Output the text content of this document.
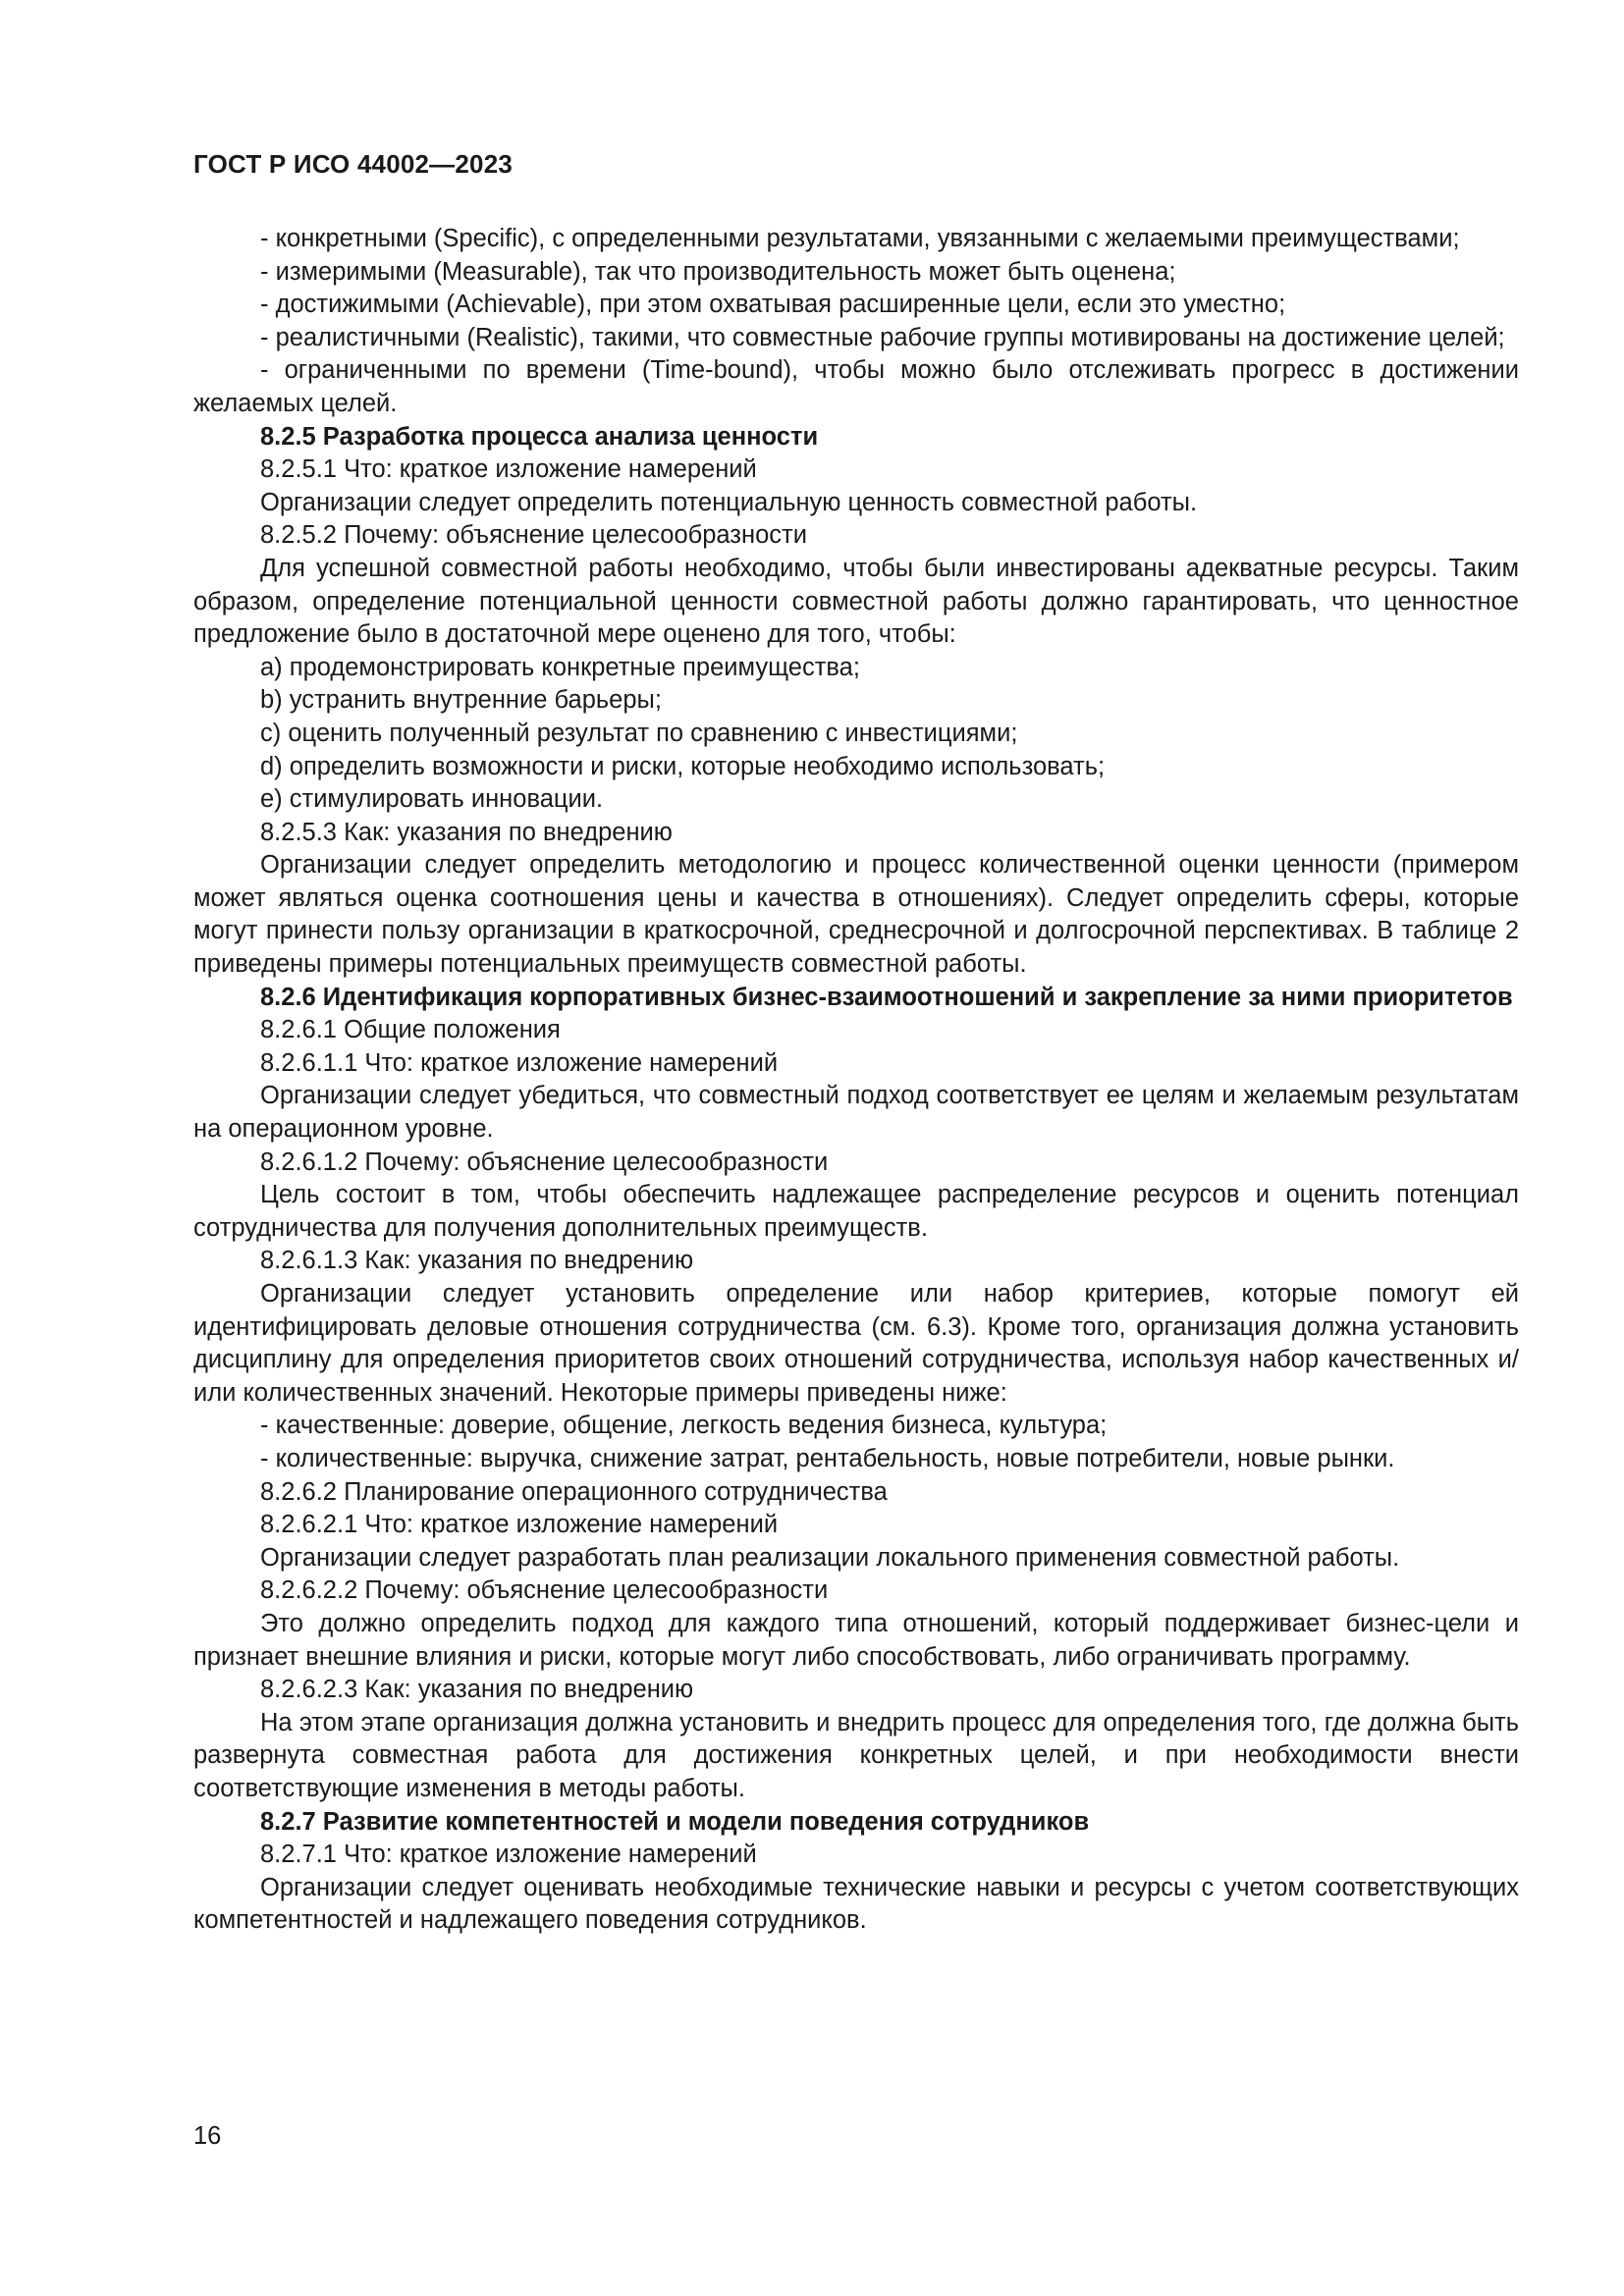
ГОСТ Р ИСО 44002—2023

- конкретными (Specific), с определенными результатами, увязанными с желаемыми преимуществами;

- измеримыми (Measurable), так что производительность может быть оценена;

- достижимыми (Achievable), при этом охватывая расширенные цели, если это уместно;

- реалистичными (Realistic), такими, что совместные рабочие группы мотивированы на достижение целей;

- ограниченными по времени (Time-bound), чтобы можно было отслеживать прогресс в достижении желаемых целей.

8.2.5 Разработка процесса анализа ценности

8.2.5.1 Что: краткое изложение намерений

Организации следует определить потенциальную ценность совместной работы.

8.2.5.2 Почему: объяснение целесообразности

Для успешной совместной работы необходимо, чтобы были инвестированы адекватные ресурсы. Таким образом, определение потенциальной ценности совместной работы должно гарантировать, что ценностное предложение было в достаточной мере оценено для того, чтобы:

a) продемонстрировать конкретные преимущества;

b) устранить внутренние барьеры;

c) оценить полученный результат по сравнению с инвестициями;

d) определить возможности и риски, которые необходимо использовать;

e) стимулировать инновации.

8.2.5.3 Как: указания по внедрению

Организации следует определить методологию и процесс количественной оценки ценности (примером может являться оценка соотношения цены и качества в отношениях). Следует определить сферы, которые могут принести пользу организации в краткосрочной, среднесрочной и долгосрочной перспективах. В таблице 2 приведены примеры потенциальных преимуществ совместной работы.

8.2.6 Идентификация корпоративных бизнес-взаимоотношений и закрепление за ними приоритетов

8.2.6.1 Общие положения

8.2.6.1.1 Что: краткое изложение намерений

Организации следует убедиться, что совместный подход соответствует ее целям и желаемым результатам на операционном уровне.

8.2.6.1.2 Почему: объяснение целесообразности

Цель состоит в том, чтобы обеспечить надлежащее распределение ресурсов и оценить потенциал сотрудничества для получения дополнительных преимуществ.

8.2.6.1.3 Как: указания по внедрению

Организации следует установить определение или набор критериев, которые помогут ей идентифицировать деловые отношения сотрудничества (см. 6.3). Кроме того, организация должна установить дисциплину для определения приоритетов своих отношений сотрудничества, используя набор качественных и/или количественных значений. Некоторые примеры приведены ниже:

- качественные: доверие, общение, легкость ведения бизнеса, культура;

- количественные: выручка, снижение затрат, рентабельность, новые потребители, новые рынки.

8.2.6.2 Планирование операционного сотрудничества

8.2.6.2.1 Что: краткое изложение намерений

Организации следует разработать план реализации локального применения совместной работы.

8.2.6.2.2 Почему: объяснение целесообразности

Это должно определить подход для каждого типа отношений, который поддерживает бизнес-цели и признает внешние влияния и риски, которые могут либо способствовать, либо ограничивать программу.

8.2.6.2.3 Как: указания по внедрению

На этом этапе организация должна установить и внедрить процесс для определения того, где должна быть развернута совместная работа для достижения конкретных целей, и при необходимости внести соответствующие изменения в методы работы.

8.2.7 Развитие компетентностей и модели поведения сотрудников

8.2.7.1 Что: краткое изложение намерений

Организации следует оценивать необходимые технические навыки и ресурсы с учетом соответствующих компетентностей и надлежащего поведения сотрудников.

16
